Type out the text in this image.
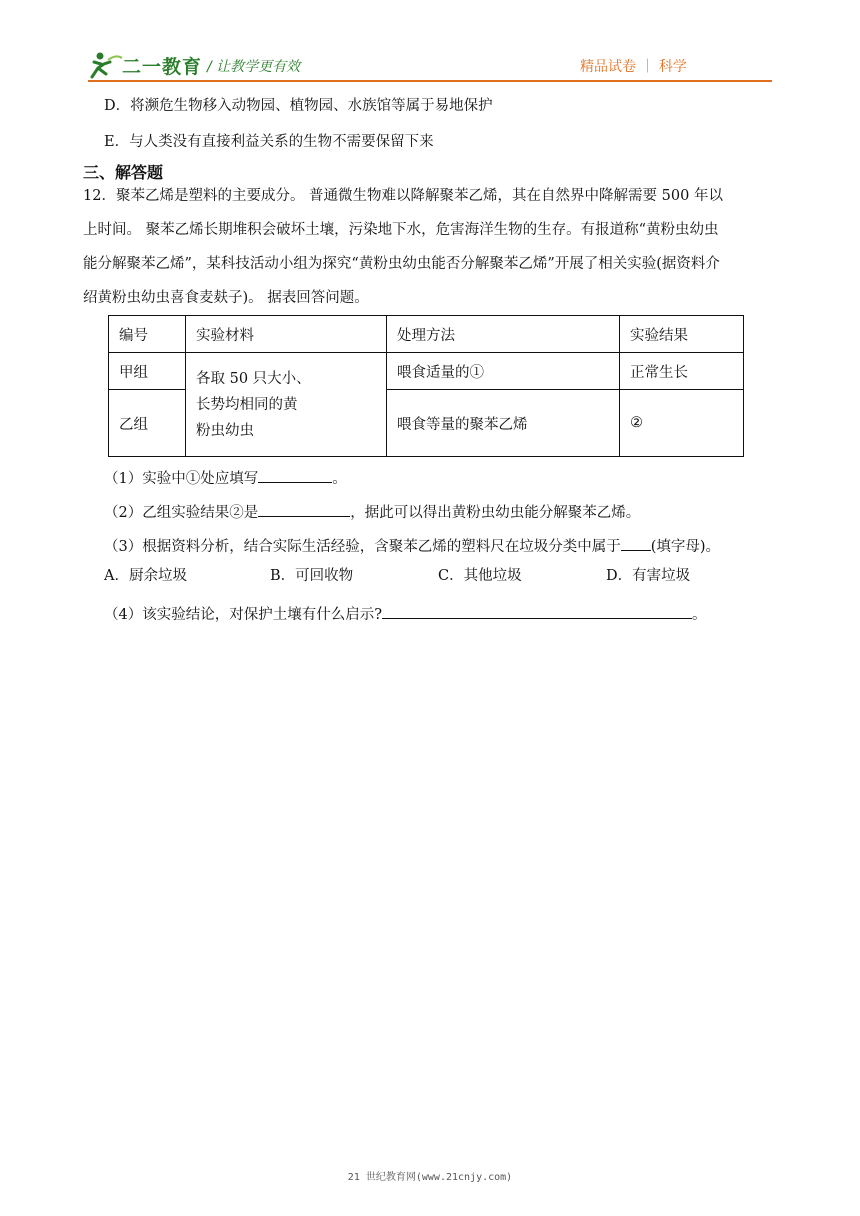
二一教育 / 让教学更有效	精品试卷 ｜ 科学
D．将濒危生物移入动物园、植物园、水族馆等属于易地保护
E．与人类没有直接利益关系的生物不需要保留下来
三、解答题
12．聚苯乙烯是塑料的主要成分。 普通微生物难以降解聚苯乙烯，其在自然界中降解需要 500 年以
上时间。 聚苯乙烯长期堆积会破坏土壤，污染地下水，危害海洋生物的生存。有报道称“黄粉虫幼虫
能分解聚苯乙烯”，某科技活动小组为探究“黄粉虫幼虫能否分解聚苯乙烯”开展了相关实验(据资料介
绍黄粉虫幼虫喜食麦麸子)。 据表回答问题。
编号	实验材料	处理方法	实验结果
甲组	各取 50 只大小、
长势均相同的黄
粉虫幼虫	喂食适量的①	正常生长
乙组		喂食等量的聚苯乙烯	②
（1）实验中①处应填写	。
（2）乙组实验结果②是	，据此可以得出黄粉虫幼虫能分解聚苯乙烯。
（3）根据资料分析，结合实际生活经验，含聚苯乙烯的塑料尺在垃圾分类中属于 (填字母)。
A．厨余垃圾	B．可回收物	C．其他垃圾	D．有害垃圾
（4）该实验结论，对保护土壤有什么启示?	。
21 世纪教育网(www.21cnjy.com)
